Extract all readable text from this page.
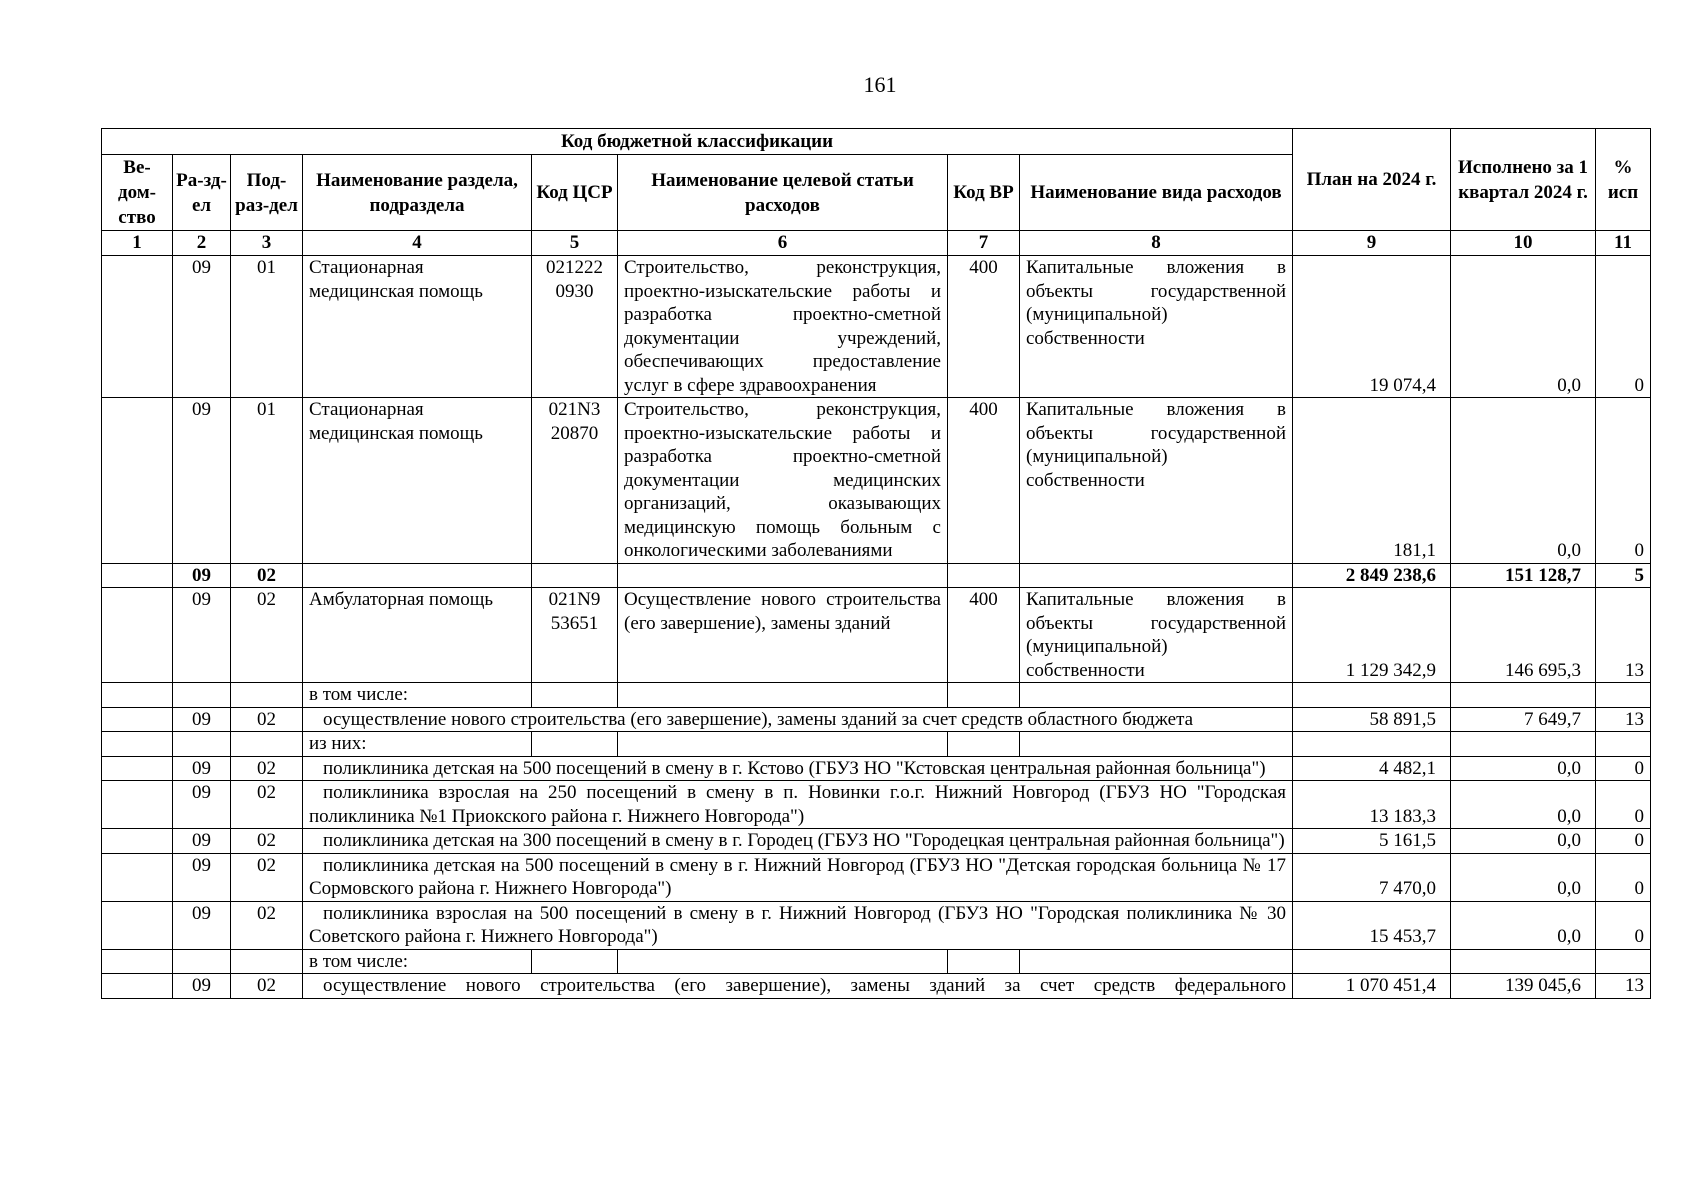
161
Код бюджетной классификации								План на 2024 г.	Исполнено за 1 квартал 2024 г.	% исп
Ве-дом-ство	Ра-зд-ел	Под-раз-дел	Наименование раздела, подраздела	Код ЦСР	Наименование целевой статьи расходов	Код ВР	Наименование вида расходов			
1	2	3	4	5	6	7	8	9	10	11
	09	01	Стационарная медицинская помощь	021222 0930	Строительство, реконструкция, проектно-изыскательские работы и разработка проектно-сметной документации учреждений, обеспечивающих предоставление услуг в сфере здравоохранения	400	Капитальные вложения в объекты государственной (муниципальной) собственности	19 074,4	0,0	0
	09	01	Стационарная медицинская помощь	021N3 20870	Строительство, реконструкция, проектно-изыскательские работы и разработка проектно-сметной документации медицинских организаций, оказывающих медицинскую помощь больным с онкологическими заболеваниями	400	Капитальные вложения в объекты государственной (муниципальной) собственности	181,1	0,0	0
	09	02						2 849 238,6	151 128,7	5
	09	02	Амбулаторная помощь	021N9 53651	Осуществление нового строительства (его завершение), замены зданий	400	Капитальные вложения в объекты государственной (муниципальной) собственности	1 129 342,9	146 695,3	13
			в том числе:							
	09	02	осуществление нового строительства (его завершение), замены зданий за счет средств областного бюджета					58 891,5	7 649,7	13
			из них:							
	09	02	поликлиника детская на 500 посещений в смену в г. Кстово (ГБУЗ НО "Кстовская центральная районная больница")					4 482,1	0,0	0
	09	02	поликлиника взрослая на 250 посещений в смену в п. Новинки г.о.г. Нижний Новгород (ГБУЗ НО "Городская поликлиника №1 Приокского района г. Нижнего Новгорода")					13 183,3	0,0	0
	09	02	поликлиника детская на 300 посещений в смену в г. Городец (ГБУЗ НО "Городецкая центральная районная больница")					5 161,5	0,0	0
	09	02	поликлиника детская на 500 посещений в смену в г. Нижний Новгород (ГБУЗ НО "Детская городская больница № 17 Сормовского района г. Нижнего Новгорода")					7 470,0	0,0	0
	09	02	поликлиника взрослая на 500 посещений в смену в г. Нижний Новгород (ГБУЗ НО "Городская поликлиника № 30 Советского района г. Нижнего Новгорода")					15 453,7	0,0	0
			в том числе:							
	09	02	осуществление нового строительства (его завершение), замены зданий за счет средств федерального					1 070 451,4	139 045,6	13
